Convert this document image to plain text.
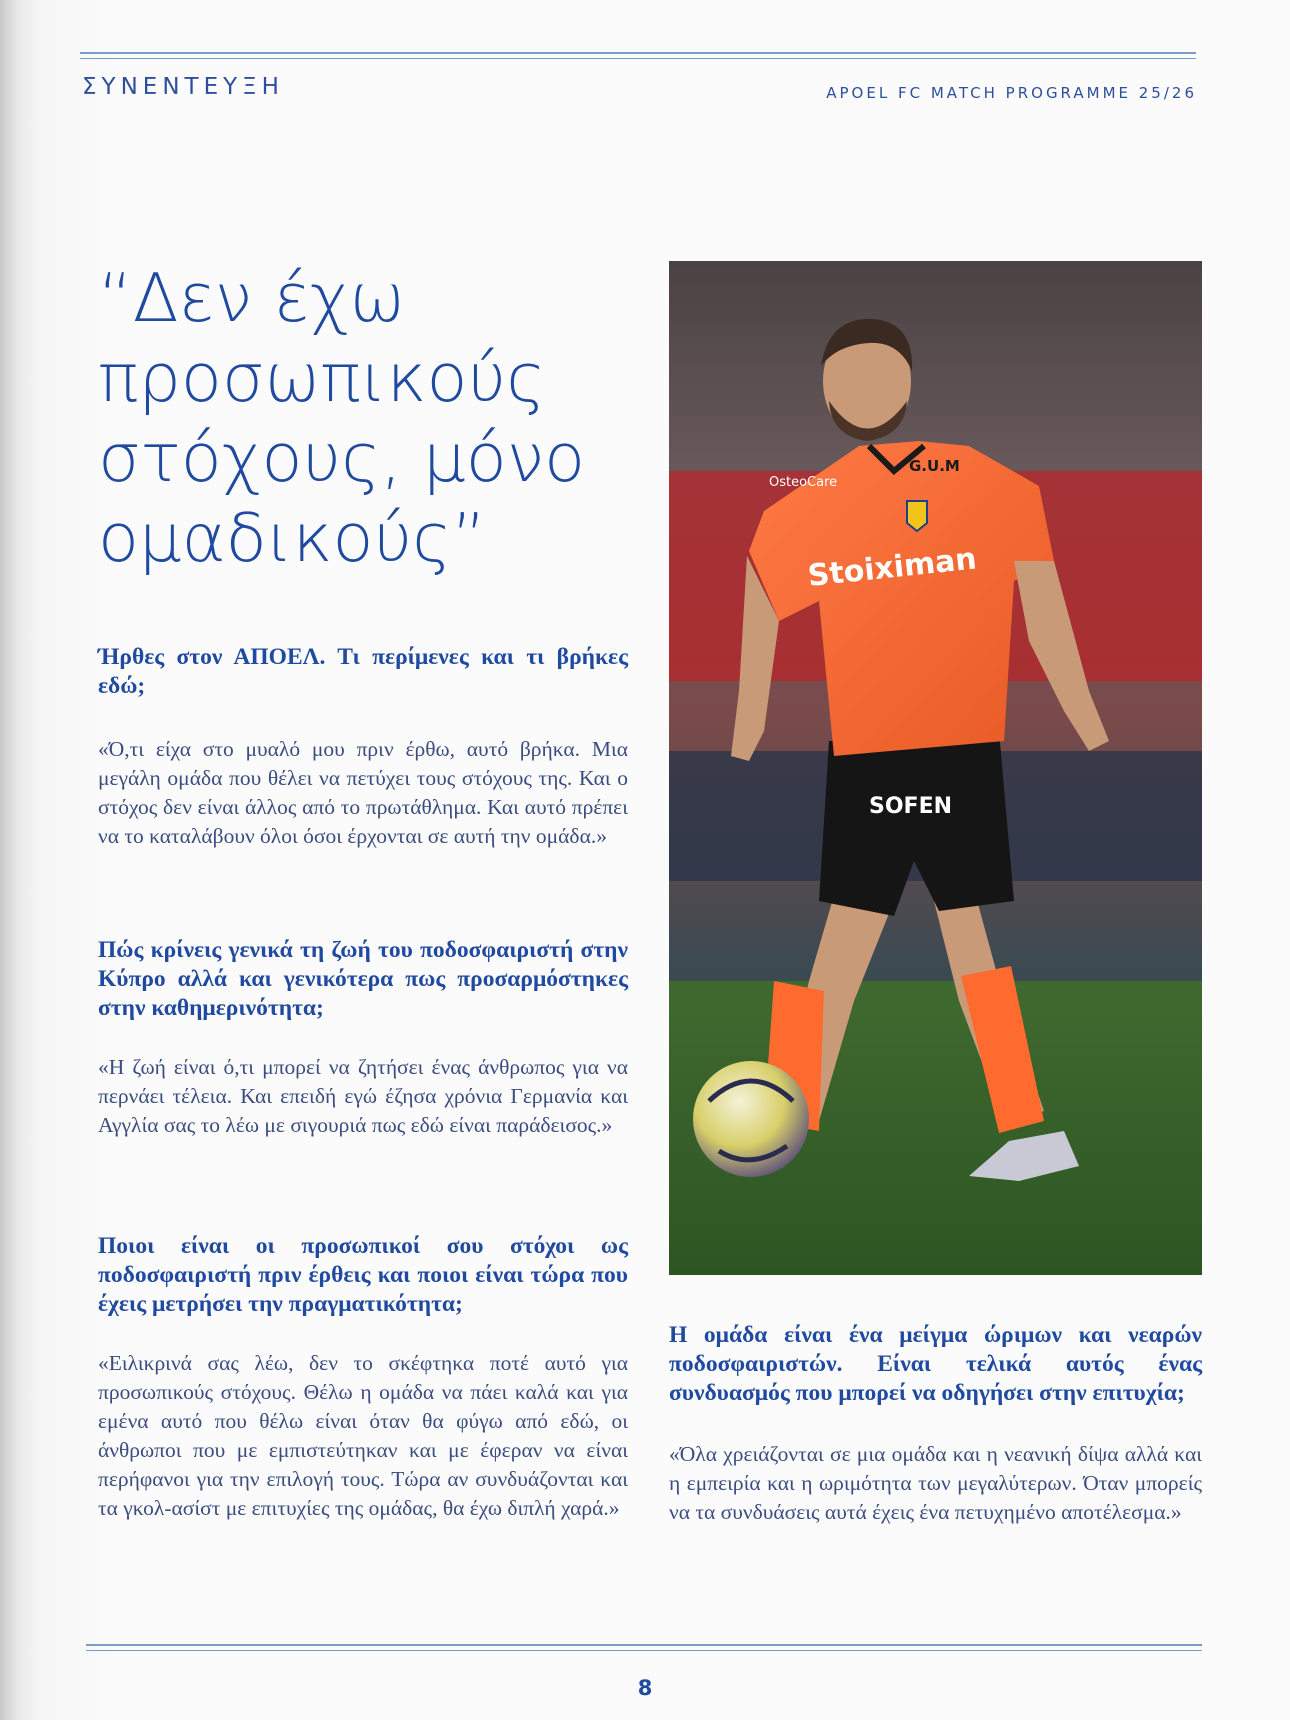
ΣΥΝΕΝΤΕΥΞΗ	APOEL FC MATCH PROGRAMME 25/26
“Δεν έχω προσωπικούς στόχους, μόνο ομαδικούς”

Ήρθες στον ΑΠΟΕΛ. Τι περίμενες και τι βρήκες εδώ;

«Ό,τι είχα στο μυαλό μου πριν έρθω, αυτό βρήκα. Μια μεγάλη ομάδα που θέλει να πετύχει τους στόχους της. Και ο στόχος δεν είναι άλλος από το πρωτάθλημα. Και αυτό πρέπει να το καταλάβουν όλοι όσοι έρχονται σε αυτή την ομάδα.»

Πώς κρίνεις γενικά τη ζωή του ποδοσφαιριστή στην Κύπρο αλλά και γενικότερα πως προσαρμόστηκες στην καθημερινότητα;

«Η ζωή είναι ό,τι μπορεί να ζητήσει ένας άνθρωπος για να περνάει τέλεια. Και επειδή εγώ έζησα χρόνια Γερμανία και Αγγλία σας το λέω με σιγουριά πως εδώ είναι παράδεισος.»

Ποιοι είναι οι προσωπικοί σου στόχοι ως ποδοσφαιριστή πριν έρθεις και ποιοι είναι τώρα που έχεις μετρήσει την πραγματικότητα;

«Ειλικρινά σας λέω, δεν το σκέφτηκα ποτέ αυτό για προσωπικούς στόχους. Θέλω η ομάδα να πάει καλά και για εμένα αυτό που θέλω είναι όταν θα φύγω από εδώ, οι άνθρωποι που με εμπιστεύτηκαν και με έφεραν να είναι περήφανοι για την επιλογή τους. Τώρα αν συνδυάζονται και τα γκολ-ασίστ με επιτυχίες της ομάδας, θα έχω διπλή χαρά.»

Η ομάδα είναι ένα μείγμα ώριμων και νεαρών ποδοσφαιριστών. Είναι τελικά αυτός ένας συνδυασμός που μπορεί να οδηγήσει στην επιτυχία;

«Όλα χρειάζονται σε μια ομάδα και η νεανική δίψα αλλά και η εμπειρία και η ωριμότητα των μεγαλύτερων. Όταν μπορείς να τα συνδυάσεις αυτά έχεις ένα πετυχημένο αποτέλεσμα.»

SOFEN
Stoiximan
OsteoCare
G.U.M
8
